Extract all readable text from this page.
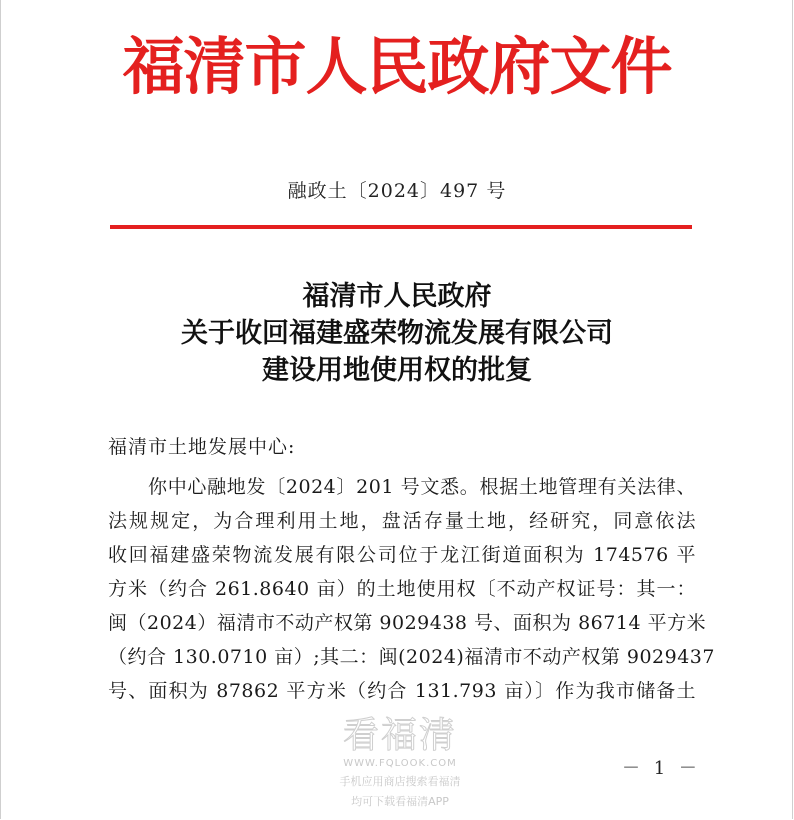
福清市人民政府文件
融政土〔2024〕497 号
福清市人民政府
关于收回福建盛荣物流发展有限公司
建设用地使用权的批复
福清市土地发展中心:
你中心融地发〔2024〕201 号文悉。根据土地管理有关法律、
法规规定，为合理利用土地，盘活存量土地，经研究，同意依法
收回福建盛荣物流发展有限公司位于龙江街道面积为 174576 平
方米（约合 261.8640 亩）的土地使用权〔不动产权证号：其一：
闽（2024）福清市不动产权第 9029438 号、面积为 86714 平方米
（约合 130.0710 亩）;其二：闽(2024)福清市不动产权第 9029437
号、面积为 87862 平方米（约合 131.793 亩）〕作为我市储备土
－ 1 －
看福清
WWW.FQLOOK.COM
手机应用商店搜索看福清
均可下载看福清APP
